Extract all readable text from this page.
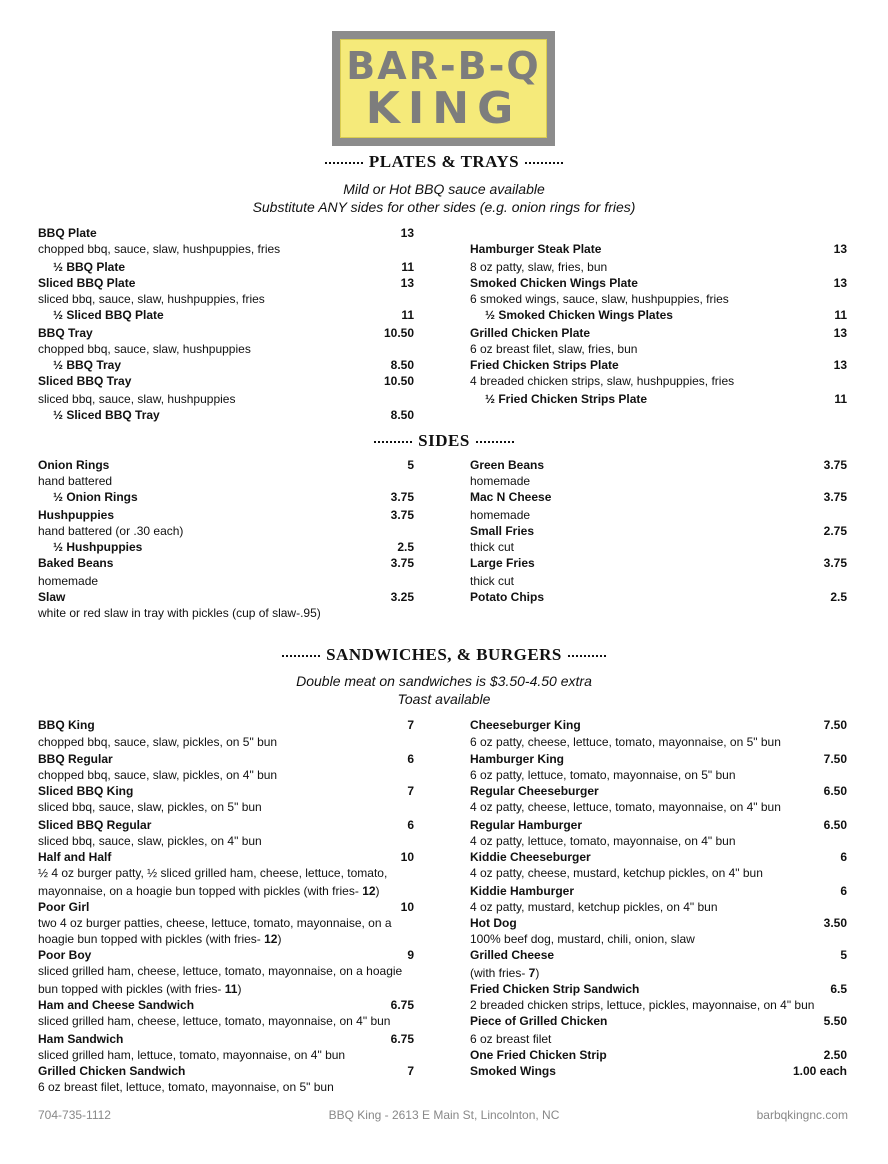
BAR-B-Q
KING
PLATES & TRAYS
Mild or Hot BBQ sauce available
Substitute ANY sides for other sides (e.g. onion rings for fries)
SIDES
SANDWICHES, & BURGERS
Double meat on sandwiches is $3.50-4.50 extra
Toast available
BBQ Plate	13
chopped bbq, sauce, slaw, hushpuppies, fries
½ BBQ Plate	11
Sliced BBQ Plate	13
sliced bbq, sauce, slaw, hushpuppies, fries
½ Sliced BBQ Plate	11
BBQ Tray	10.50
chopped bbq, sauce, slaw, hushpuppies
½ BBQ Tray	8.50
Sliced BBQ Tray	10.50
sliced bbq, sauce, slaw, hushpuppies
½ Sliced BBQ Tray	8.50
Hamburger Steak Plate	13
8 oz patty, slaw, fries, bun
Smoked Chicken Wings Plate	13
6 smoked wings, sauce, slaw, hushpuppies, fries
½ Smoked Chicken Wings Plates	11
Grilled Chicken Plate	13
6 oz breast filet, slaw, fries, bun
Fried Chicken Strips Plate	13
4 breaded chicken strips, slaw, hushpuppies, fries
½ Fried Chicken Strips Plate	11
Onion Rings	5
hand battered
½ Onion Rings	3.75
Hushpuppies	3.75
hand battered (or .30 each)
½ Hushpuppies	2.5
Baked Beans	3.75
homemade
Slaw	3.25
white or red slaw in tray with pickles (cup of slaw-.95)
Green Beans	3.75
homemade
Mac N Cheese	3.75
homemade
Small Fries	2.75
thick cut
Large Fries	3.75
thick cut
Potato Chips	2.5
BBQ King	7
chopped bbq, sauce, slaw, pickles, on 5" bun
BBQ Regular	6
chopped bbq, sauce, slaw, pickles, on 4" bun
Sliced BBQ King	7
sliced bbq, sauce, slaw, pickles, on 5" bun
Sliced BBQ Regular	6
sliced bbq, sauce, slaw, pickles, on 4" bun
Half and Half	10
½ 4 oz burger patty, ½ sliced grilled ham, cheese, lettuce, tomato,
mayonnaise, on a hoagie bun topped with pickles (with fries- 12)
Poor Girl	10
two 4 oz burger patties, cheese, lettuce, tomato, mayonnaise, on a
hoagie bun topped with pickles (with fries- 12)
Poor Boy	9
sliced grilled ham, cheese, lettuce, tomato, mayonnaise, on a hoagie
bun topped with pickles (with fries- 11)
Ham and Cheese Sandwich	6.75
sliced grilled ham, cheese, lettuce, tomato, mayonnaise, on 4" bun
Ham Sandwich	6.75
sliced grilled ham, lettuce, tomato, mayonnaise, on 4" bun
Grilled Chicken Sandwich	7
6 oz breast filet, lettuce, tomato, mayonnaise, on 5" bun
Cheeseburger King	7.50
6 oz patty, cheese, lettuce, tomato, mayonnaise, on 5" bun
Hamburger King	7.50
6 oz patty, lettuce, tomato, mayonnaise, on 5" bun
Regular Cheeseburger	6.50
4 oz patty, cheese, lettuce, tomato, mayonnaise, on 4" bun
Regular Hamburger	6.50
4 oz patty, lettuce, tomato, mayonnaise, on 4" bun
Kiddie Cheeseburger	6
4 oz patty, cheese, mustard, ketchup pickles, on 4" bun
Kiddie Hamburger	6
4 oz patty, mustard, ketchup pickles, on 4" bun
Hot Dog	3.50
100% beef dog, mustard, chili, onion, slaw
Grilled Cheese	5
(with fries- 7)
Fried Chicken Strip Sandwich	6.5
2 breaded chicken strips, lettuce, pickles, mayonnaise, on 4" bun
Piece of Grilled Chicken	5.50
6 oz breast filet
One Fried Chicken Strip	2.50
Smoked Wings	1.00 each
704-735-1112	BBQ King - 2613 E Main St, Lincolnton, NC	barbqkingnc.com
